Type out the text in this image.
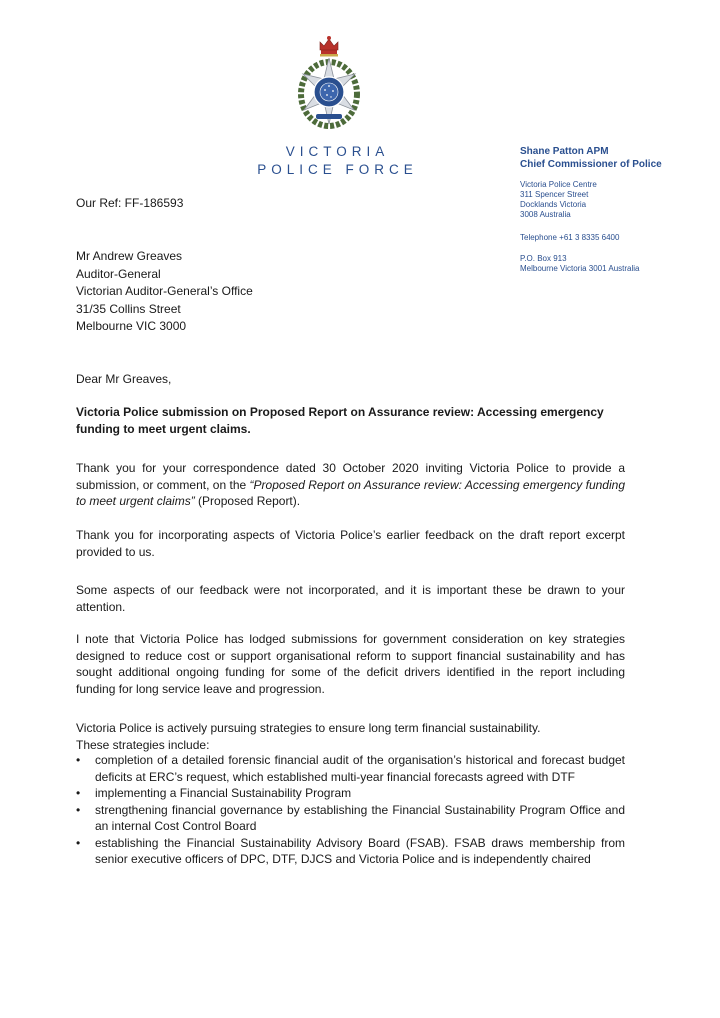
VICTORIA
POLICE FORCE
Shane Patton APM
Chief Commissioner of Police
Victoria Police Centre
311 Spencer Street
Docklands Victoria
3008 Australia
Telephone +61 3 8335 6400
P.O. Box 913
Melbourne Victoria 3001 Australia
Our Ref: FF-186593
Mr Andrew Greaves
Auditor-General
Victorian Auditor-General’s Office
31/35 Collins Street
Melbourne VIC 3000
Dear Mr Greaves,
Victoria Police submission on Proposed Report on Assurance review: Accessing emergency funding to meet urgent claims.
Thank you for your correspondence dated 30 October 2020 inviting Victoria Police to provide a submission, or comment, on the “Proposed Report on Assurance review: Accessing emergency funding to meet urgent claims” (Proposed Report).
Thank you for incorporating aspects of Victoria Police’s earlier feedback on the draft report excerpt provided to us.
Some aspects of our feedback were not incorporated, and it is important these be drawn to your attention.
I note that Victoria Police has lodged submissions for government consideration on key strategies designed to reduce cost or support organisational reform to support financial sustainability and has sought additional ongoing funding for some of the deficit drivers identified in the report including funding for long service leave and progression.
Victoria Police is actively pursuing strategies to ensure long term financial sustainability.
These strategies include:
• completion of a detailed forensic financial audit of the organisation’s historical and forecast budget deficits at ERC’s request, which established multi-year financial forecasts agreed with DTF
• implementing a Financial Sustainability Program
• strengthening financial governance by establishing the Financial Sustainability Program Office and an internal Cost Control Board
• establishing the Financial Sustainability Advisory Board (FSAB). FSAB draws membership from senior executive officers of DPC, DTF, DJCS and Victoria Police and is independently chaired
